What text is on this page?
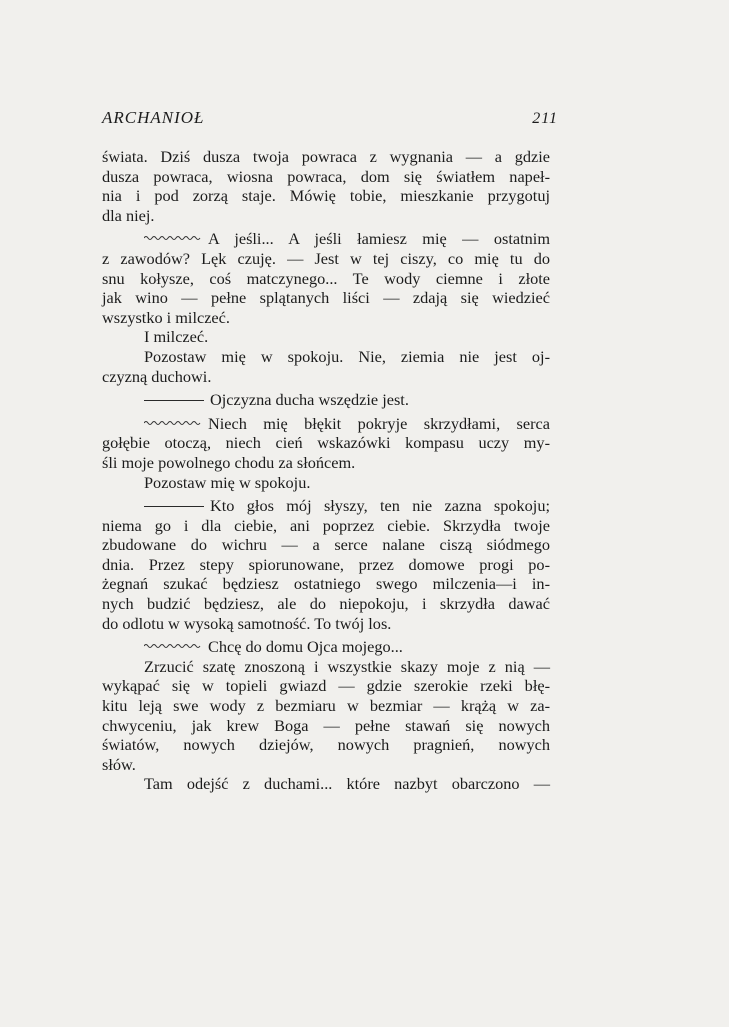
ARCHANIOŁ	211
świata. Dziś dusza twoja powraca z wygnania — a gdzie
dusza powraca, wiosna powraca, dom się światłem napeł-
nia i pod zorzą staje. Mówię tobie, mieszkanie przygotuj
dla niej.
A jeśli... A jeśli łamiesz mię — ostatnim
z zawodów? Lęk czuję. — Jest w tej ciszy, co mię tu do
snu kołysze, coś matczynego... Te wody ciemne i złote
jak wino — pełne splątanych liści — zdają się wiedzieć
wszystko i milczeć.
I milczeć.
Pozostaw mię w spokoju. Nie, ziemia nie jest oj-
czyzną duchowi.
Ojczyzna ducha wszędzie jest.
Niech mię błękit pokryje skrzydłami, serca
gołębie otoczą, niech cień wskazówki kompasu uczy my-
śli moje powolnego chodu za słońcem.
Pozostaw mię w spokoju.
Kto głos mój słyszy, ten nie zazna spokoju;
niema go i dla ciebie, ani poprzez ciebie. Skrzydła twoje
zbudowane do wichru — a serce nalane ciszą siódmego
dnia. Przez stepy spiorunowane, przez domowe progi po-
żegnań szukać będziesz ostatniego swego milczenia—i in-
nych budzić będziesz, ale do niepokoju, i skrzydła dawać
do odlotu w wysoką samotność. To twój los.
Chcę do domu Ojca mojego...
Zrzucić szatę znoszoną i wszystkie skazy moje z nią —
wykąpać się w topieli gwiazd — gdzie szerokie rzeki błę-
kitu leją swe wody z bezmiaru w bezmiar — krążą w za-
chwyceniu, jak krew Boga — pełne stawań się nowych
światów, nowych dziejów, nowych pragnień, nowych
słów.
Tam odejść z duchami... które nazbyt obarczono —
